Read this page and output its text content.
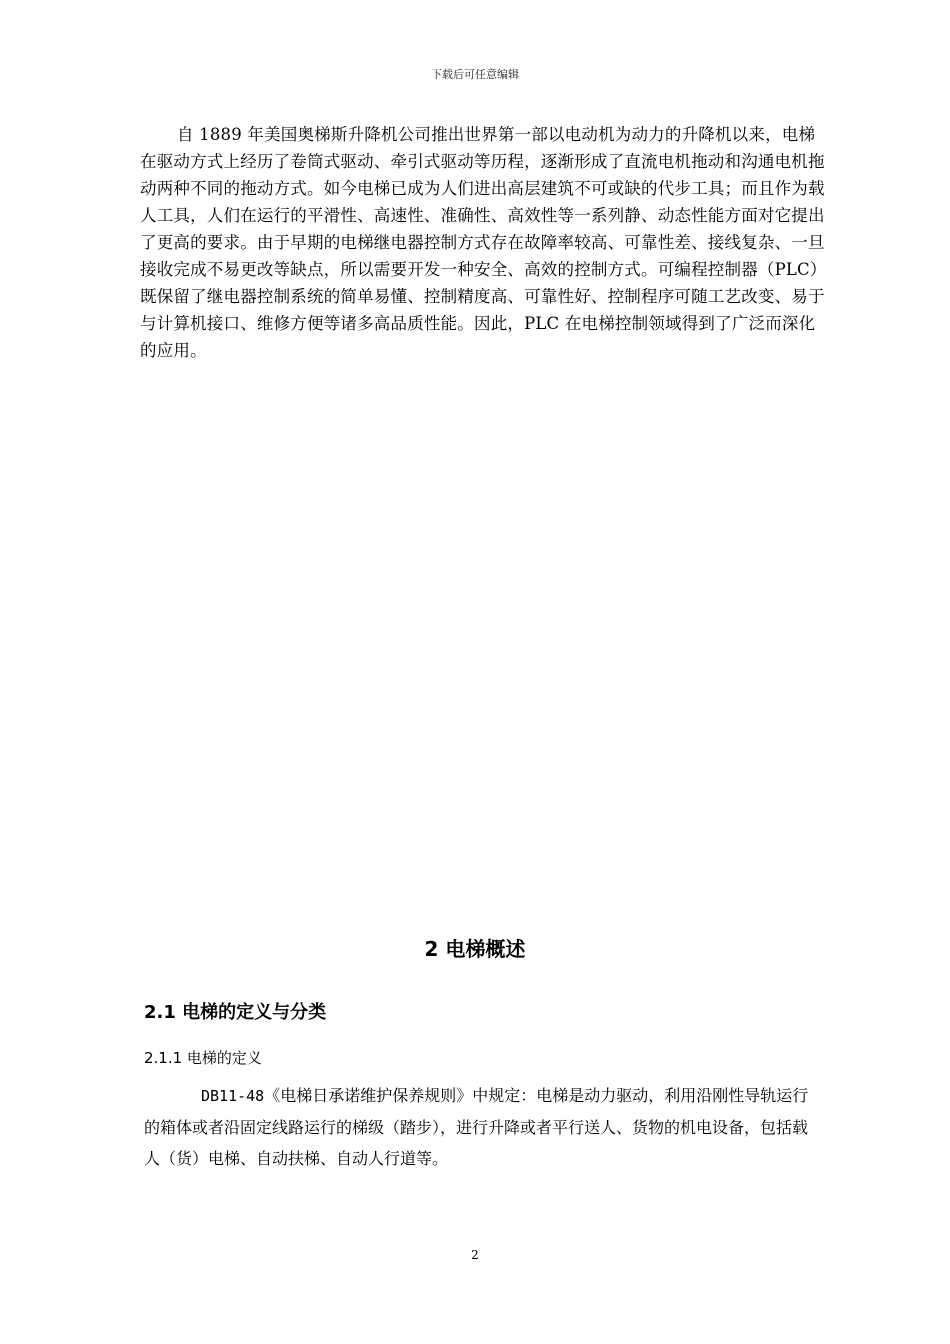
下载后可任意编辑

自 1889 年美国奥梯斯升降机公司推出世界第一部以电动机为动力的升降机以来，电梯在驱动方式上经历了卷筒式驱动、牵引式驱动等历程，逐渐形成了直流电机拖动和沟通电机拖动两种不同的拖动方式。如今电梯已成为人们进出高层建筑不可或缺的代步工具；而且作为载人工具，人们在运行的平滑性、高速性、准确性、高效性等一系列静、动态性能方面对它提出了更高的要求。由于早期的电梯继电器控制方式存在故障率较高、可靠性差、接线复杂、一旦接收完成不易更改等缺点，所以需要开发一种安全、高效的控制方式。可编程控制器（PLC）既保留了继电器控制系统的简单易懂、控制精度高、可靠性好、控制程序可随工艺改变、易于与计算机接口、维修方便等诸多高品质性能。因此，PLC 在电梯控制领域得到了广泛而深化的应用。

2 电梯概述
2.1 电梯的定义与分类
2.1.1 电梯的定义

DB11-48《电梯日承诺维护保养规则》中规定：电梯是动力驱动，利用沿刚性导轨运行的箱体或者沿固定线路运行的梯级（踏步），进行升降或者平行送人、货物的机电设备，包括载人（货）电梯、自动扶梯、自动人行道等。

2
